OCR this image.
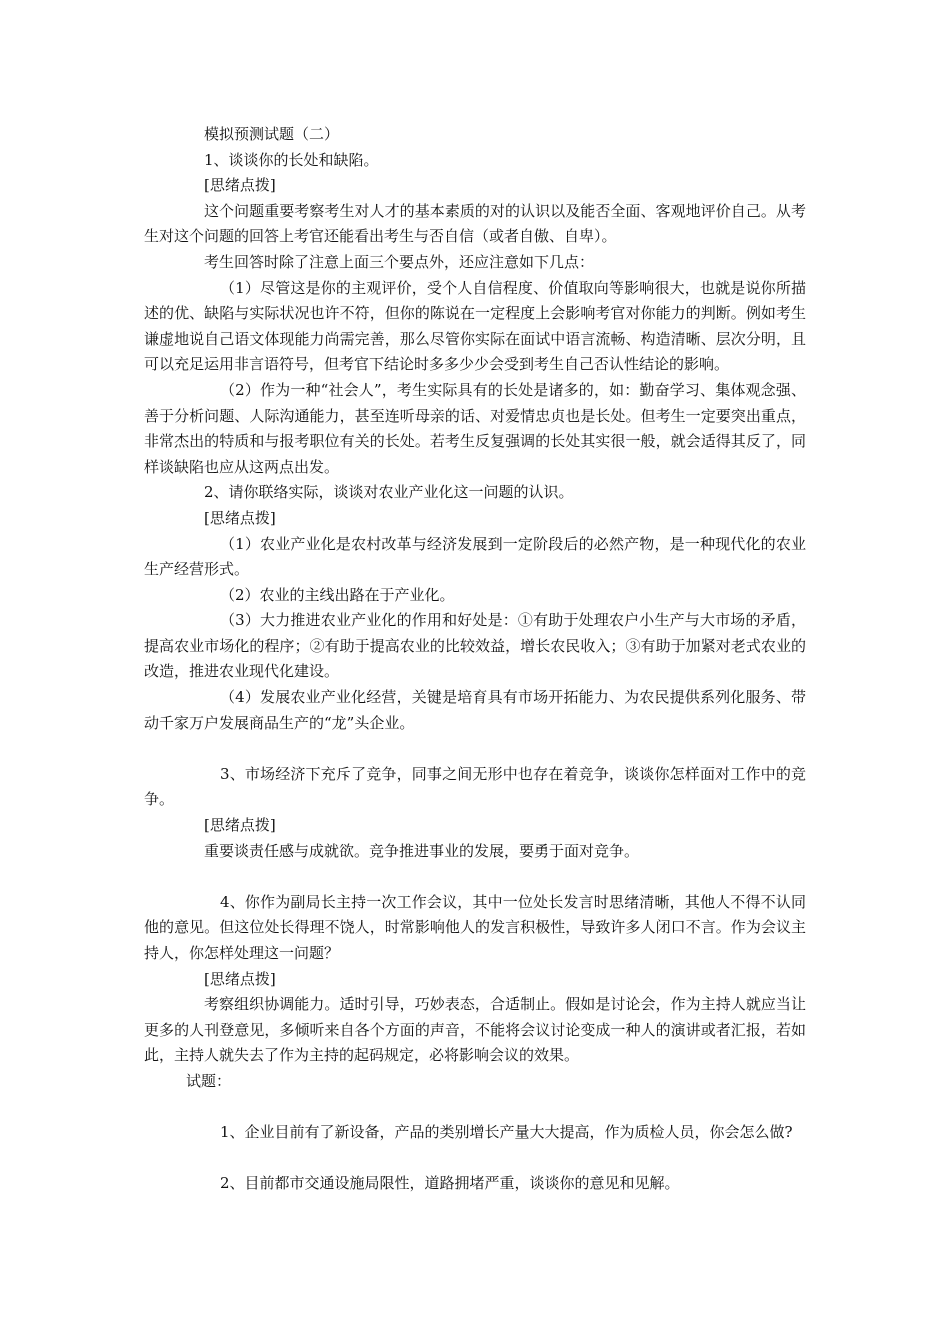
模拟预测试题（二）

1、谈谈你的长处和缺陷。

[思绪点拨]

这个问题重要考察考生对人才的基本素质的对的认识以及能否全面、客观地评价自己。从考生对这个问题的回答上考官还能看出考生与否自信（或者自傲、自卑）。

考生回答时除了注意上面三个要点外，还应注意如下几点：

（1）尽管这是你的主观评价，受个人自信程度、价值取向等影响很大，也就是说你所描述的优、缺陷与实际状况也许不符，但你的陈说在一定程度上会影响考官对你能力的判断。例如考生谦虚地说自己语文体现能力尚需完善，那么尽管你实际在面试中语言流畅、构造清晰、层次分明，且可以充足运用非言语符号，但考官下结论时多多少少会受到考生自己否认性结论的影响。

（2）作为一种“社会人”，考生实际具有的长处是诸多的，如：勤奋学习、集体观念强、善于分析问题、人际沟通能力，甚至连听母亲的话、对爱情忠贞也是长处。但考生一定要突出重点，非常杰出的特质和与报考职位有关的长处。若考生反复强调的长处其实很一般，就会适得其反了，同样谈缺陷也应从这两点出发。

2、请你联络实际，谈谈对农业产业化这一问题的认识。

[思绪点拨]

（1）农业产业化是农村改革与经济发展到一定阶段后的必然产物，是一种现代化的农业生产经营形式。

（2）农业的主线出路在于产业化。

（3）大力推进农业产业化的作用和好处是：①有助于处理农户小生产与大市场的矛盾，提高农业市场化的程序；②有助于提高农业的比较效益，增长农民收入；③有助于加紧对老式农业的改造，推进农业现代化建设。

（4）发展农业产业化经营，关键是培育具有市场开拓能力、为农民提供系列化服务、带动千家万户发展商品生产的“龙”头企业。

3、市场经济下充斥了竞争，同事之间无形中也存在着竞争，谈谈你怎样面对工作中的竞争。

[思绪点拨]

重要谈责任感与成就欲。竞争推进事业的发展，要勇于面对竞争。

4、你作为副局长主持一次工作会议，其中一位处长发言时思绪清晰，其他人不得不认同他的意见。但这位处长得理不饶人，时常影响他人的发言积极性，导致许多人闭口不言。作为会议主持人，你怎样处理这一问题？

[思绪点拨]

考察组织协调能力。适时引导，巧妙表态，合适制止。假如是讨论会，作为主持人就应当让更多的人刊登意见，多倾听来自各个方面的声音，不能将会议讨论变成一种人的演讲或者汇报，若如此，主持人就失去了作为主持的起码规定，必将影响会议的效果。

试题：

1、企业目前有了新设备，产品的类别增长产量大大提高，作为质检人员，你会怎么做?

2、目前都市交通设施局限性，道路拥堵严重，谈谈你的意见和见解。
